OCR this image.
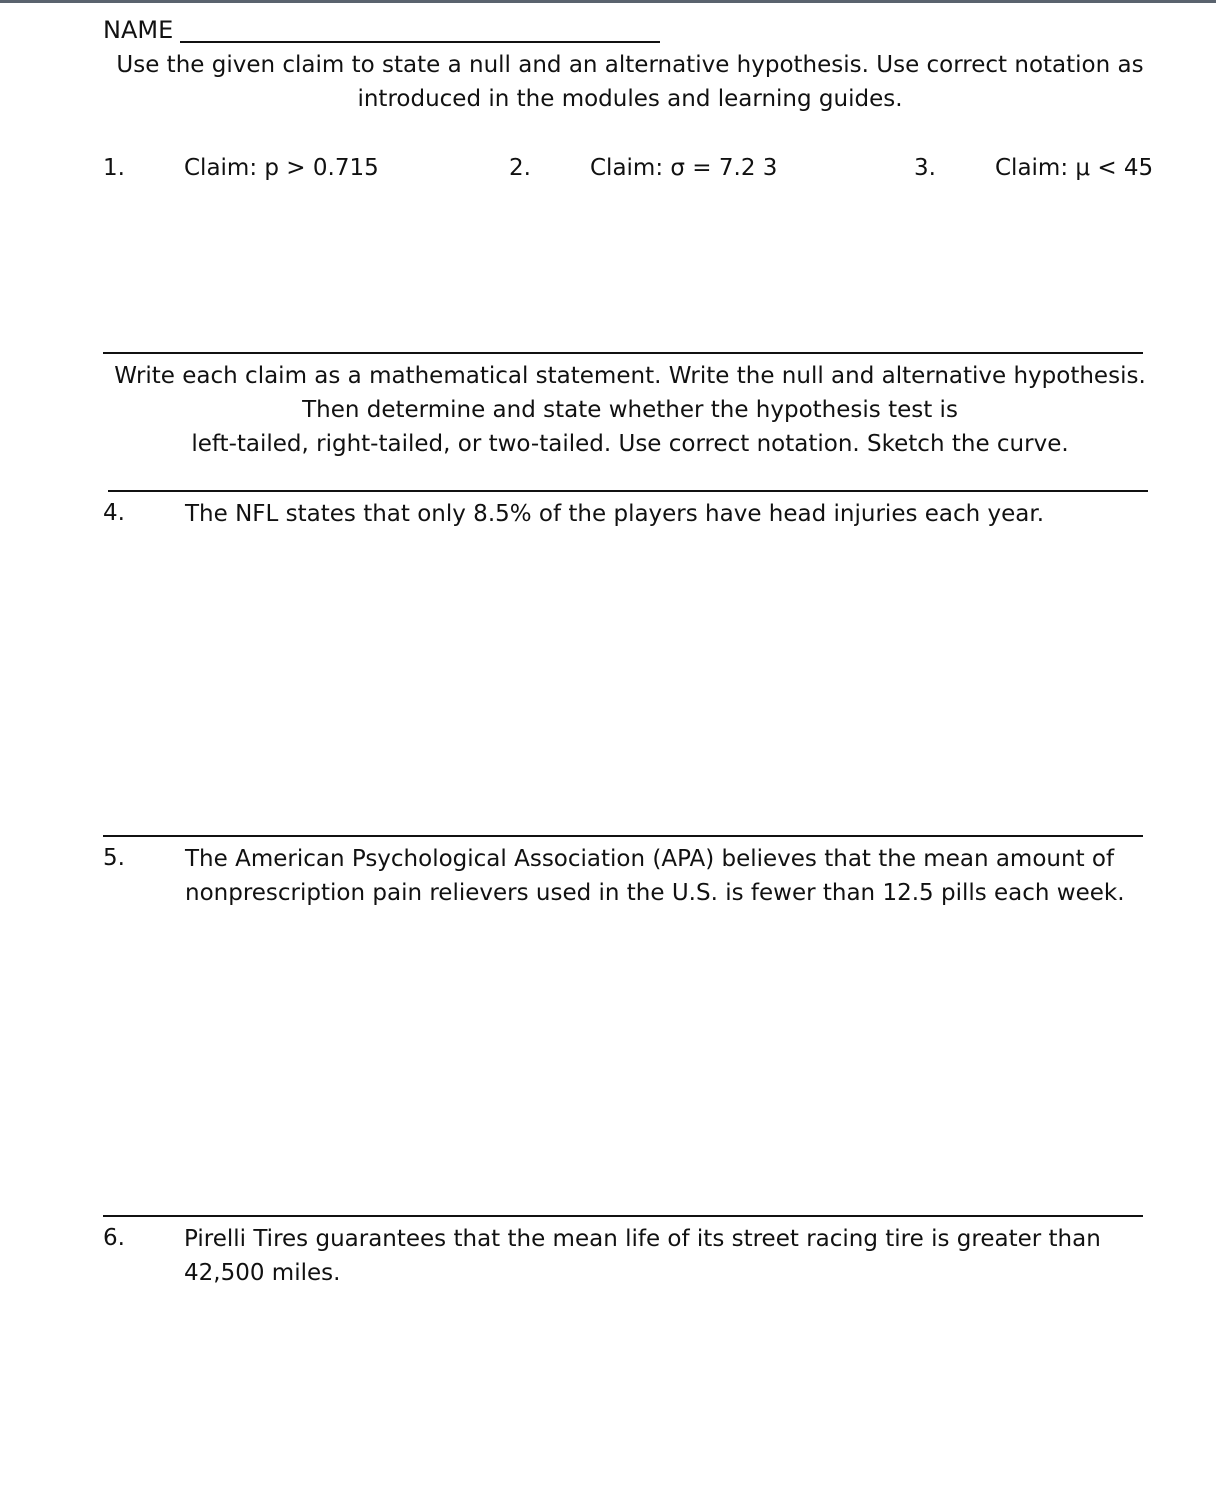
NAME
Use the given claim to state a null and an alternative hypothesis. Use correct notation as
introduced in the modules and learning guides.
1.	Claim: p > 0.715	2.	Claim: σ = 7.2 3	3.	Claim: μ < 45
Write each claim as a mathematical statement. Write the null and alternative hypothesis.
Then determine and state whether the hypothesis test is
left-tailed, right-tailed, or two-tailed. Use correct notation. Sketch the curve.
4.	The NFL states that only 8.5% of the players have head injuries each year.
5.	The American Psychological Association (APA) believes that the mean amount of
nonprescription pain relievers used in the U.S. is fewer than 12.5 pills each week.
6.	Pirelli Tires guarantees that the mean life of its street racing tire is greater than
42,500 miles.
